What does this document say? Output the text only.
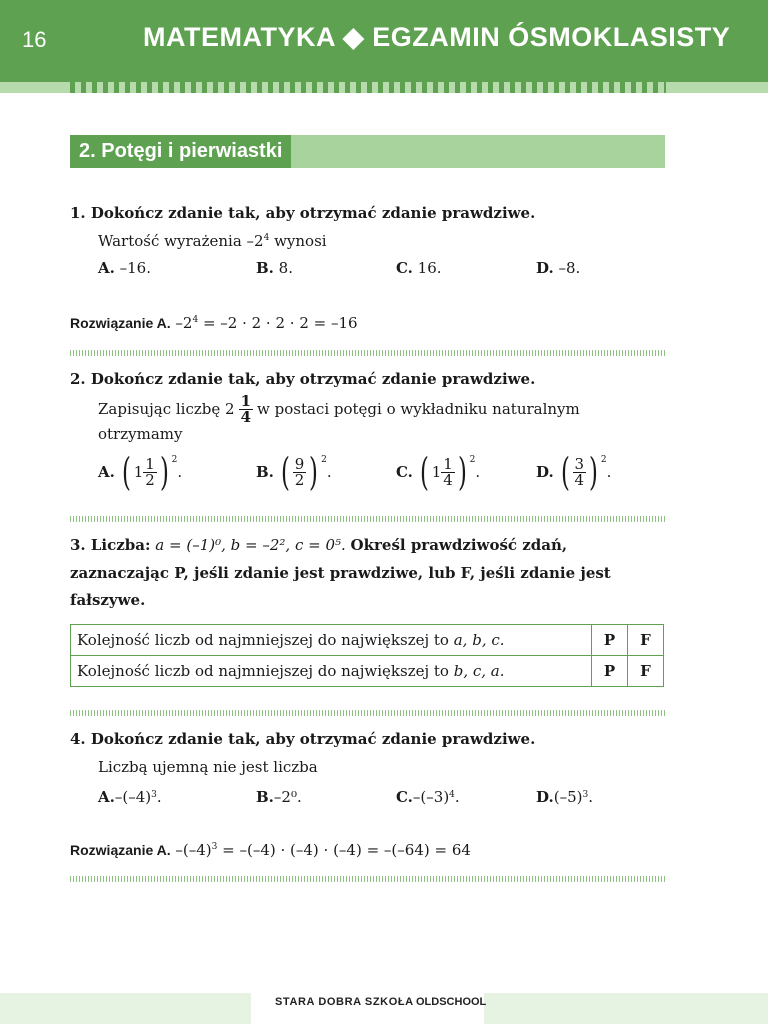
16	MATEMATYKA ◆ EGZAMIN ÓSMOKLASISTY
2. Potęgi i pierwiastki
1. Dokończ zdanie tak, aby otrzymać zdanie prawdziwe.
Wartość wyrażenia $-2^4$ wynosi
A. –16.	B. 8.	C. 16.	D. –8.
Rozwiązanie A. $-2^4 = -2 \cdot 2 \cdot 2 \cdot 2 = -16$
2. Dokończ zdanie tak, aby otrzymać zdanie prawdziwe.
Zapisując liczbę $2 \frac{1}{4}$ w postaci potęgi o wykładniku naturalnym
otrzymamy
A. ( $1 \frac{1}{2}$ ) 2
.	B. ( $\frac{9}{2}$ ) 2
.	C. ( $1 \frac{1}{4}$ ) 2
.	D. ( $\frac{3}{4}$ ) 2
.
3. Liczba: a = (–1)⁰, b = –2², c = 0⁵. Określ prawdziwość zdań,
zaznaczając P, jeśli zdanie jest prawdziwe, lub F, jeśli zdanie jest
fałszywe.
Kolejność liczb od najmniejszej do największej to a, b, c.	P	F
Kolejność liczb od najmniejszej do największej to b, c, a.	P	F
4. Dokończ zdanie tak, aby otrzymać zdanie prawdziwe.
Liczbą ujemną nie jest liczba
A. – ( –4 ) 3 .	B. –2⁰.	C. – ( –3 ) 4 .	D. ( –5 ) 3 .
Rozwiązanie A. $-(-4)^3 = -(-4) \cdot (-4) \cdot (-4) = -(-64) = 64$
STARA DOBRA SZKOŁA OLDSCHOOL
